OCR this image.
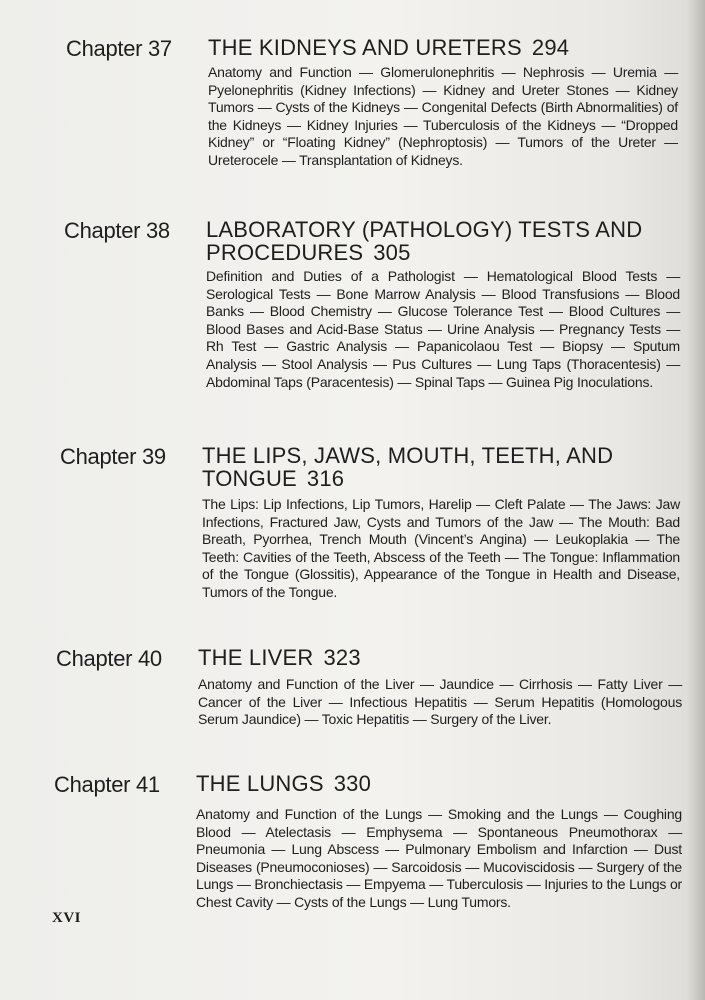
Chapter 37 THE KIDNEYS AND URETERS 294
Anatomy and Function — Glomerulonephritis — Nephrosis — Uremia — Pyelonephritis (Kidney Infections) — Kidney and Ureter Stones — Kidney Tumors — Cysts of the Kidneys — Congenital Defects (Birth Abnormalities) of the Kidneys — Kidney Injuries — Tuberculosis of the Kidneys — “Dropped Kidney” or “Floating Kidney” (Nephroptosis) — Tumors of the Ureter — Ureterocele — Transplantation of Kidneys.
Chapter 38 LABORATORY (PATHOLOGY) TESTS AND PROCEDURES 305
Definition and Duties of a Pathologist — Hematological Blood Tests — Serological Tests — Bone Marrow Analysis — Blood Transfusions — Blood Banks — Blood Chemistry — Glucose Tolerance Test — Blood Cultures — Blood Bases and Acid-Base Status — Urine Analysis — Pregnancy Tests — Rh Test — Gastric Analysis — Papanicolaou Test — Biopsy — Sputum Analysis — Stool Analysis — Pus Cultures — Lung Taps (Thoracentesis) — Abdominal Taps (Paracentesis) — Spinal Taps — Guinea Pig Inoculations.
Chapter 39 THE LIPS, JAWS, MOUTH, TEETH, AND TONGUE 316
The Lips: Lip Infections, Lip Tumors, Harelip — Cleft Palate — The Jaws: Jaw Infections, Fractured Jaw, Cysts and Tumors of the Jaw — The Mouth: Bad Breath, Pyorrhea, Trench Mouth (Vincent’s Angina) — Leukoplakia — The Teeth: Cavities of the Teeth, Abscess of the Teeth — The Tongue: Inflammation of the Tongue (Glossitis), Appearance of the Tongue in Health and Disease, Tumors of the Tongue.
Chapter 40 THE LIVER 323
Anatomy and Function of the Liver — Jaundice — Cirrhosis — Fatty Liver — Cancer of the Liver — Infectious Hepatitis — Serum Hepatitis (Homologous Serum Jaundice) — Toxic Hepatitis — Surgery of the Liver.
Chapter 41 THE LUNGS 330
Anatomy and Function of the Lungs — Smoking and the Lungs — Coughing Blood — Atelectasis — Emphysema — Spontaneous Pneumothorax — Pneumonia — Lung Abscess — Pulmonary Embolism and Infarction — Dust Diseases (Pneumoconioses) — Sarcoidosis — Mucoviscidosis — Surgery of the Lungs — Bronchiectasis — Empyema — Tuberculosis — Injuries to the Lungs or Chest Cavity — Cysts of the Lungs — Lung Tumors.
XVI
